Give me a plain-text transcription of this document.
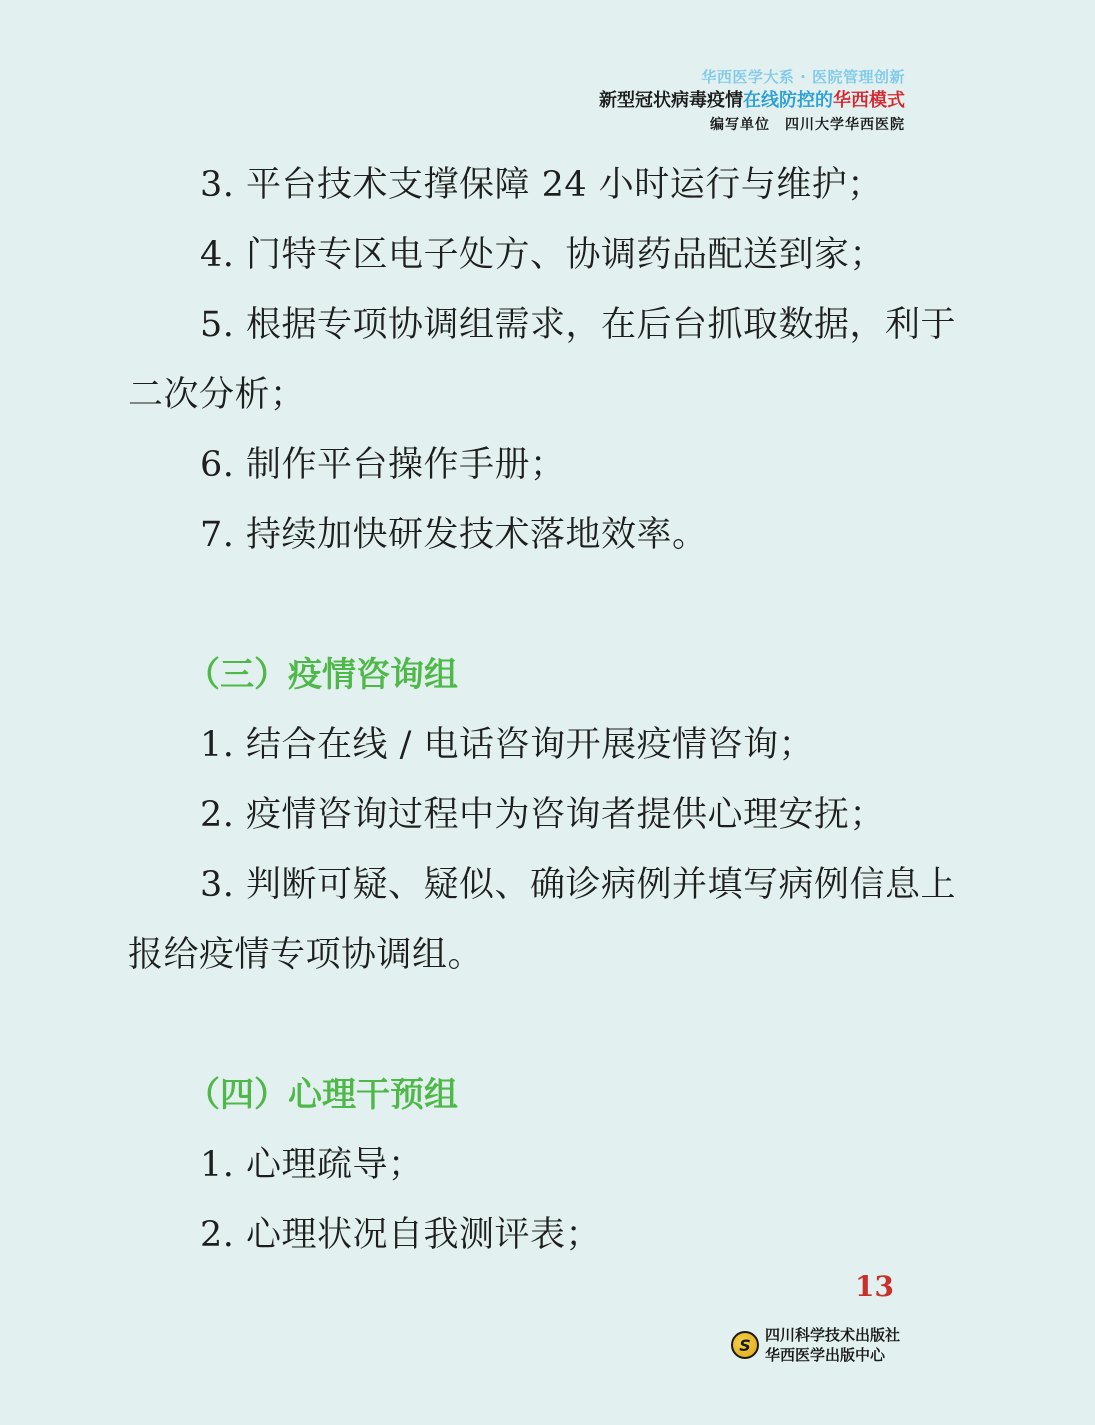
华西医学大系 · 医院管理创新
新型冠状病毒疫情在线防控的华西模式
编写单位　四川大学华西医院

3. 平台技术支撑保障 24 小时运行与维护；

4. 门特专区电子处方、协调药品配送到家；

5. 根据专项协调组需求，在后台抓取数据，利于二次分析；

6. 制作平台操作手册；

7. 持续加快研发技术落地效率。

（三）疫情咨询组

1. 结合在线 / 电话咨询开展疫情咨询；

2. 疫情咨询过程中为咨询者提供心理安抚；

3. 判断可疑、疑似、确诊病例并填写病例信息上报给疫情专项协调组。

（四）心理干预组

1. 心理疏导；

2. 心理状况自我测评表；

13
S
四川科学技术出版社
华西医学出版中心
